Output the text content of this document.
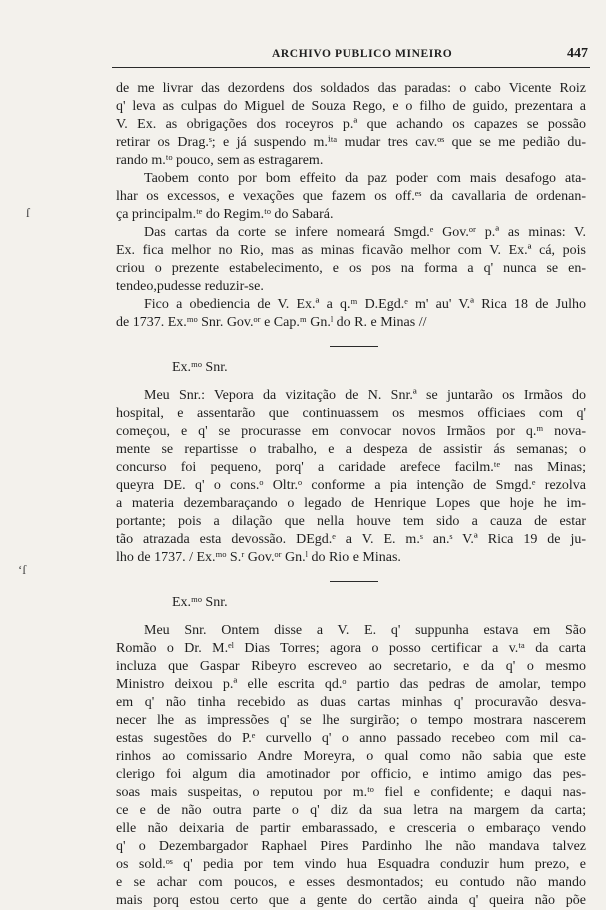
ARCHIVO PUBLICO MINEIRO	447
ſ
ʻſ
de me livrar das dezordens dos soldados das paradas: o cabo Vicente Roiz
q' leva as culpas do Miguel de Souza Rego, e o filho de guido, prezentara a
V. Ex. as obrigações dos roceyros p.ª que achando os capazes se possão
retirar os Drag.ˢ; e já suspendo m.ⁱᵗᵃ mudar tres cav.ᵒˢ que se me pedião du-
rando m.ᵗᵒ pouco, sem as estragarem.
Taobem conto por bom effeito da paz poder com mais desafogo ata-
lhar os excessos, e vexações que fazem os off.ᵉˢ da cavallaria de ordenan-
ça principalm.ᵗᵉ do Regim.ᵗᵒ do Sabará.
Das cartas da corte se infere nomeará Smgd.ᵉ Gov.ᵒʳ p.ª as minas: V.
Ex. fica melhor no Rio, mas as minas ficavão melhor com V. Ex.ª cá, pois
criou o prezente estabelecimento, e os pos na forma a q' nunca se en-
tendeo,pudesse reduzir-se.
Fico a obediencia de V. Ex.ª a q.ᵐ D.Egd.ᵉ m' au' V.ª Rica 18 de Julho
de 1737. Ex.ᵐᵒ Snr. Gov.ᵒʳ e Cap.ᵐ Gn.ˡ do R. e Minas //
Ex.ᵐᵒ Snr.
Meu Snr.: Vepora da vizitação de N. Snr.ª se juntarão os Irmãos do
hospital, e assentarão que continuassem os mesmos officiaes com q'
começou, e q' se procurasse em convocar novos Irmãos por q.ᵐ nova-
mente se repartisse o trabalho, e a despeza de assistir ás semanas; o
concurso foi pequeno, porq' a caridade arefece facilm.ᵗᵉ nas Minas;
queyra DE. q' o cons.ᵒ Oltr.ᵒ conforme a pia intenção de Smgd.ᵉ rezolva
a materia dezembaraçando o legado de Henrique Lopes que hoje he im-
portante; pois a dilação que nella houve tem sido a cauza de estar
tão atrazada esta devossão. DEgd.ᵉ a V. E. m.ˢ an.ˢ V.ª Rica 19 de ju-
lho de 1737. / Ex.ᵐᵒ S.ʳ Gov.ᵒʳ Gn.ˡ do Rio e Minas.
Ex.ᵐᵒ Snr.
Meu Snr. Ontem disse a V. E. q' suppunha estava em São
Romão o Dr. M.ᵉˡ Dias Torres; agora o posso certificar a v.ᵗᵃ da carta
incluza que Gaspar Ribeyro escreveo ao secretario, e da q' o mesmo
Ministro deixou p.ª elle escrita qd.ᵒ partio das pedras de amolar, tempo
em q' não tinha recebido as duas cartas minhas q' procuravão desva-
necer lhe as impressões q' se lhe surgirão; o tempo mostrara nascerem
estas sugestões do P.ᵉ curvello q' o anno passado recebeo com mil ca-
rinhos ao comissario Andre Moreyra, o qual como não sabia que este
clerigo foi algum dia amotinador por officio, e intimo amigo das pes-
soas mais suspeitas, o reputou por m.ᵗᵒ fiel e confidente; e daqui nas-
ce e de não outra parte o q' diz da sua letra na margem da carta;
elle não deixaria de partir embarassado, e cresceria o embaraço vendo
q' o Dezembargador Raphael Pires Pardinho lhe não mandava talvez
os sold.ᵒˢ q' pedia por tem vindo hua Esquadra conduzir hum prezo, e
e se achar com poucos, e esses desmontados; eu contudo não mando
mais porq estou certo que a gente do certão ainda q' queira não põe
